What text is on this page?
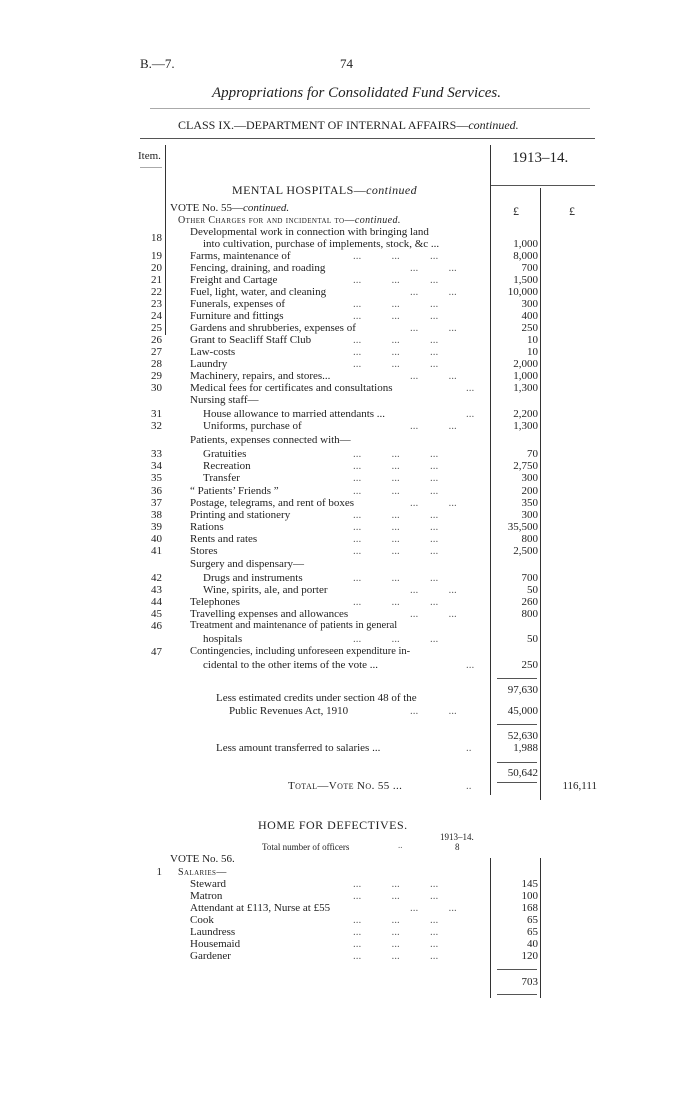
B.—7.	74
Appropriations for Consolidated Fund Services.
CLASS IX.—DEPARTMENT OF INTERNAL AFFAIRS—continued.
Item.	1913–14.
£	£
MENTAL HOSPITALS—continued
VOTE No. 55—continued.
Other Charges for and incidental to—continued.
18	Developmental work in connection with bringing land
into cultivation, purchase of implements, stock, &c ...	1,000
19	Farms, maintenance of	...           ...           ...	8,000
20	Fencing, draining, and roading	...           ...	700
21	Freight and Cartage	...           ...           ...	1,500
22	Fuel, light, water, and cleaning	...           ...	10,000
23	Funerals, expenses of	...           ...           ...	300
24	Furniture and fittings	...           ...           ...	400
25	Gardens and shrubberies, expenses of	...           ...	250
26	Grant to Seacliff Staff Club	...           ...           ...	10
27	Law-costs	...           ...           ...	10
28	Laundry	...           ...           ...	2,000
29	Machinery, repairs, and stores...	...           ...	1,000
30	Medical fees for certificates and consultations	...	1,300
Nursing staff—
31	House allowance to married attendants ...	...	2,200
32	Uniforms, purchase of	...           ...	1,300
Patients, expenses connected with—
33	Gratuities	...           ...           ...	70
34	Recreation	...           ...           ...	2,750
35	Transfer	...           ...           ...	300
36	“ Patients’ Friends ”	...           ...           ...	200
37	Postage, telegrams, and rent of boxes	...           ...	350
38	Printing and stationery	...           ...           ...	300
39	Rations	...           ...           ...	35,500
40	Rents and rates	...           ...           ...	800
41	Stores	...           ...           ...	2,500
Surgery and dispensary—
42	Drugs and instruments	...           ...           ...	700
43	Wine, spirits, ale, and porter	...           ...	50
44	Telephones	...           ...           ...	260
45	Travelling expenses and allowances	...           ...	800
46	Treatment and maintenance of patients in general
hospitals	...           ...           ...	50
47	Contingencies, including unforeseen expenditure in-
cidental to the other items of the vote ...	...	250
97,630
Less estimated credits under section 48 of the
Public Revenues Act, 1910	...           ...	45,000
52,630
Less amount transferred to salaries ...	..	1,988
50,642
Total—Vote No. 55 ...	..	116,111
HOME FOR DEFECTIVES.
1913–14.
Total number of officers	..	8
VOTE No. 56.
1 Salaries—
Steward	...           ...           ...	145
Matron	...           ...           ...	100
Attendant at £113, Nurse at £55	...           ...	168
Cook	...           ...           ...	65
Laundress	...           ...           ...	65
Housemaid	...           ...           ...	40
Gardener	...           ...           ...	120
703
